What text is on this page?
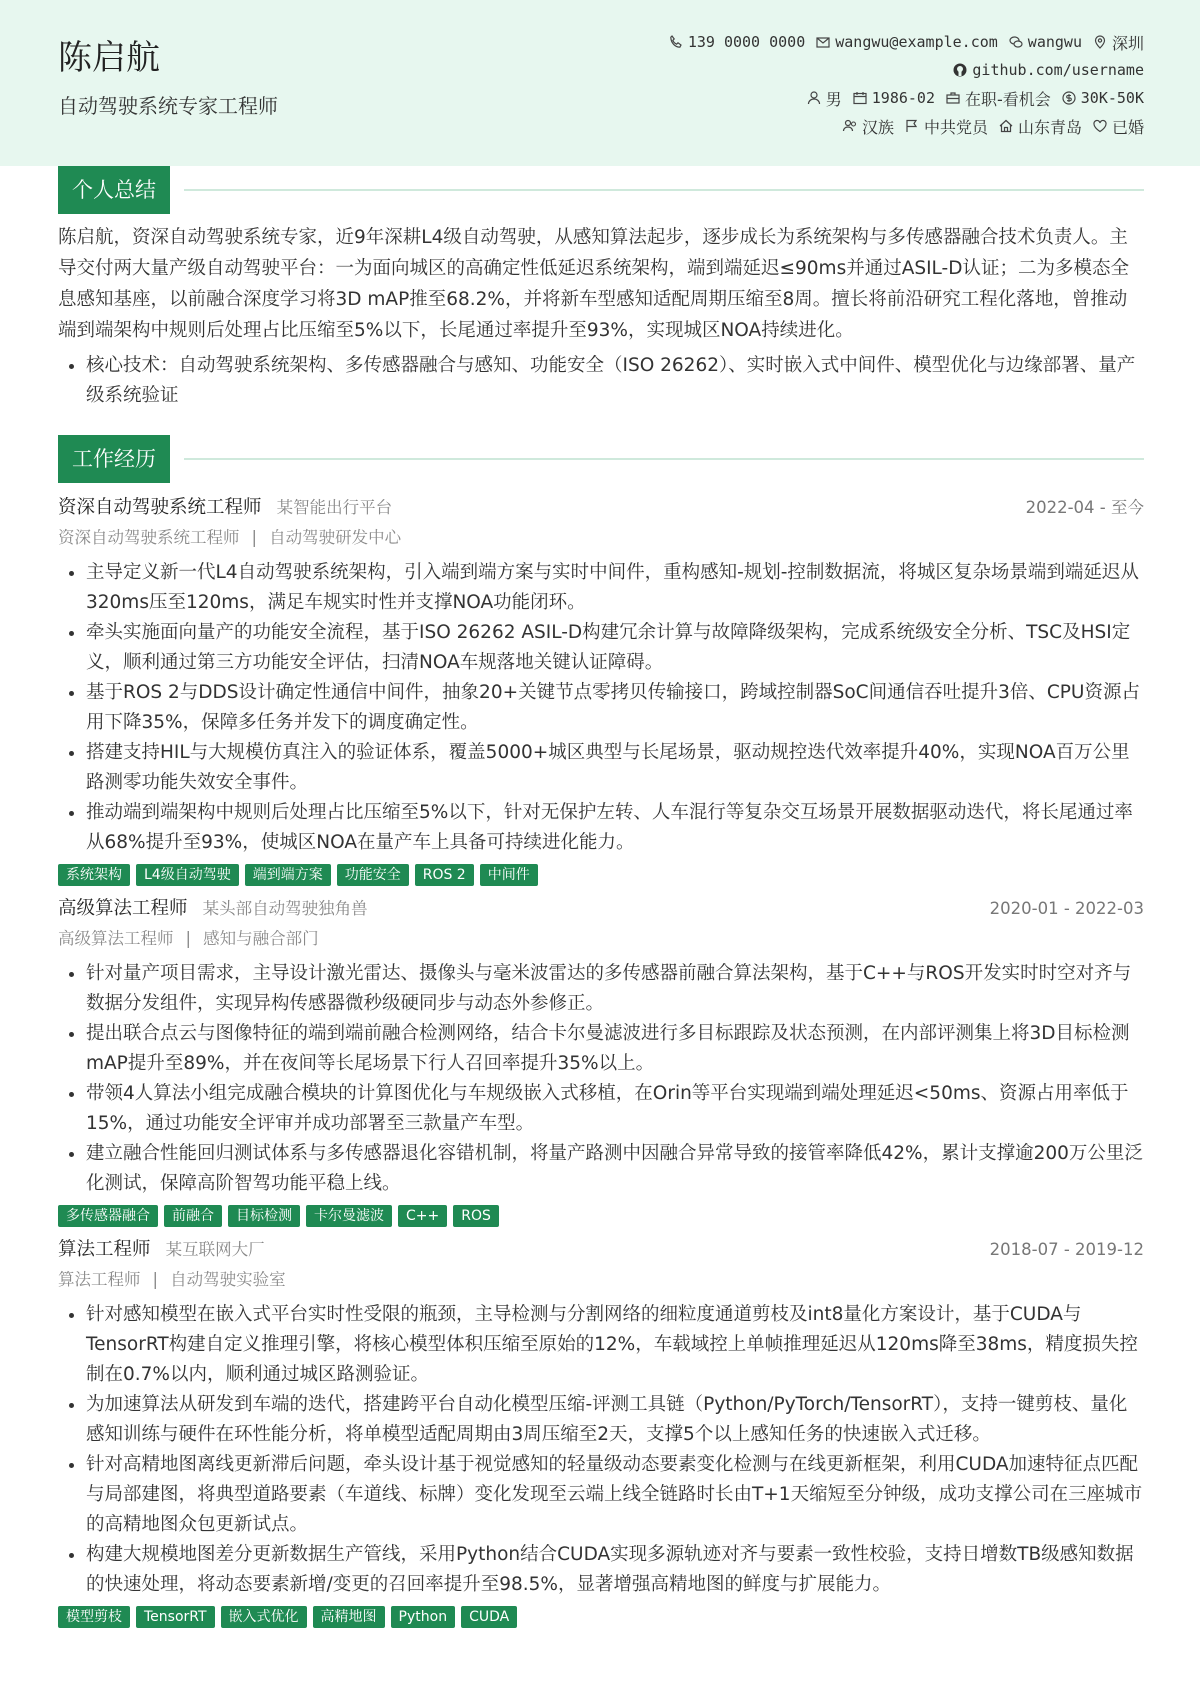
陈启航
自动驾驶系统专家工程师
139 0000 0000 wangwu@example.com wangwu 深圳
github.com/username
男 1986-02 在职-看机会 30K-50K
汉族 中共党员 山东青岛 已婚
个人总结

陈启航，资深自动驾驶系统专家，近9年深耕L4级自动驾驶，从感知算法起步，逐步成长为系统架构与多传感器融合技术负责人。主导交付两大量产级自动驾驶平台：一为面向城区的高确定性低延迟系统架构，端到端延迟≤90ms并通过ASIL-D认证；二为多模态全息感知基座，以前融合深度学习将3D mAP推至68.2%，并将新车型感知适配周期压缩至8周。擅长将前沿研究工程化落地，曾推动端到端架构中规则后处理占比压缩至5%以下，长尾通过率提升至93%，实现城区NOA持续进化。

• 核心技术：自动驾驶系统架构、多传感器融合与感知、功能安全（ISO 26262）、实时嵌入式中间件、模型优化与边缘部署、量产级系统验证
工作经历
资深自动驾驶系统工程师 某智能出行平台	2022-04 - 至今
资深自动驾驶系统工程师 | 自动驾驶研发中心
• 主导定义新一代L4自动驾驶系统架构，引入端到端方案与实时中间件，重构感知-规划-控制数据流，将城区复杂场景端到端延迟从320ms压至120ms，满足车规实时性并支撑NOA功能闭环。
• 牵头实施面向量产的功能安全流程，基于ISO 26262 ASIL-D构建冗余计算与故障降级架构，完成系统级安全分析、TSC及HSI定义，顺利通过第三方功能安全评估，扫清NOA车规落地关键认证障碍。
• 基于ROS 2与DDS设计确定性通信中间件，抽象20+关键节点零拷贝传输接口，跨域控制器SoC间通信吞吐提升3倍、CPU资源占用下降35%，保障多任务并发下的调度确定性。
• 搭建支持HIL与大规模仿真注入的验证体系，覆盖5000+城区典型与长尾场景，驱动规控迭代效率提升40%，实现NOA百万公里路测零功能失效安全事件。
• 推动端到端架构中规则后处理占比压缩至5%以下，针对无保护左转、人车混行等复杂交互场景开展数据驱动迭代，将长尾通过率从68%提升至93%，使城区NOA在量产车上具备可持续进化能力。
系统架构	L4级自动驾驶	端到端方案	功能安全	ROS 2	中间件
高级算法工程师 某头部自动驾驶独角兽	2020-01 - 2022-03
高级算法工程师 | 感知与融合部门
• 针对量产项目需求，主导设计激光雷达、摄像头与毫米波雷达的多传感器前融合算法架构，基于C++与ROS开发实时时空对齐与数据分发组件，实现异构传感器微秒级硬同步与动态外参修正。
• 提出联合点云与图像特征的端到端前融合检测网络，结合卡尔曼滤波进行多目标跟踪及状态预测，在内部评测集上将3D目标检测mAP提升至89%，并在夜间等长尾场景下行人召回率提升35%以上。
• 带领4人算法小组完成融合模块的计算图优化与车规级嵌入式移植，在Orin等平台实现端到端处理延迟<50ms、资源占用率低于15%，通过功能安全评审并成功部署至三款量产车型。
• 建立融合性能回归测试体系与多传感器退化容错机制，将量产路测中因融合异常导致的接管率降低42%，累计支撑逾200万公里泛化测试，保障高阶智驾功能平稳上线。
多传感器融合	前融合	目标检测	卡尔曼滤波	C++	ROS
算法工程师 某互联网大厂	2018-07 - 2019-12
算法工程师 | 自动驾驶实验室
• 针对感知模型在嵌入式平台实时性受限的瓶颈，主导检测与分割网络的细粒度通道剪枝及int8量化方案设计，基于CUDA与TensorRT构建自定义推理引擎，将核心模型体积压缩至原始的12%，车载域控上单帧推理延迟从120ms降至38ms，精度损失控制在0.7%以内，顺利通过城区路测验证。
• 为加速算法从研发到车端的迭代，搭建跨平台自动化模型压缩-评测工具链（Python/PyTorch/TensorRT），支持一键剪枝、量化感知训练与硬件在环性能分析，将单模型适配周期由3周压缩至2天，支撑5个以上感知任务的快速嵌入式迁移。
• 针对高精地图离线更新滞后问题，牵头设计基于视觉感知的轻量级动态要素变化检测与在线更新框架，利用CUDA加速特征点匹配与局部建图，将典型道路要素（车道线、标牌）变化发现至云端上线全链路时长由T+1天缩短至分钟级，成功支撑公司在三座城市的高精地图众包更新试点。
• 构建大规模地图差分更新数据生产管线，采用Python结合CUDA实现多源轨迹对齐与要素一致性校验，支持日增数TB级感知数据的快速处理，将动态要素新增/变更的召回率提升至98.5%，显著增强高精地图的鲜度与扩展能力。
模型剪枝	TensorRT	嵌入式优化	高精地图	Python	CUDA
